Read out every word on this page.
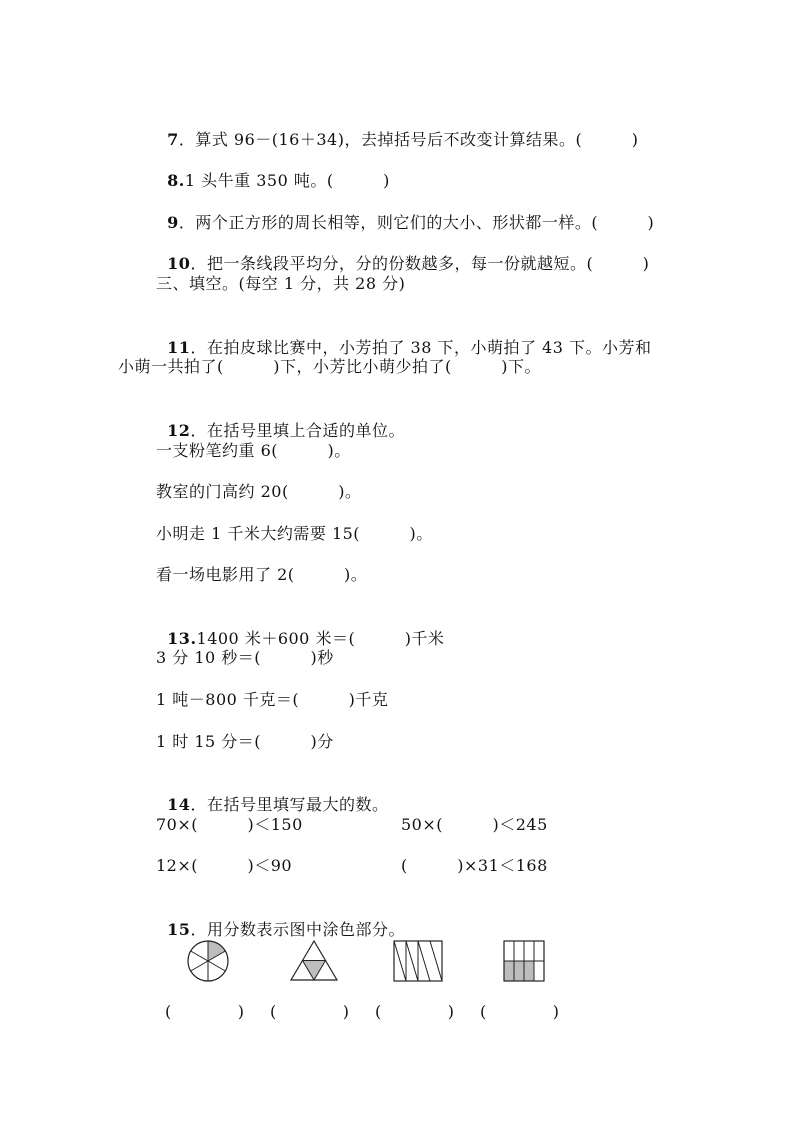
7．算式 96－(16＋34)，去掉括号后不改变计算结果。(　　　)

8.1 头牛重 350 吨。(　　　)

9．两个正方形的周长相等，则它们的大小、形状都一样。(　　　)

10．把一条线段平均分，分的份数越多，每一份就越短。(　　　)

三、填空。(每空 1 分，共 28 分)

11．在拍皮球比赛中，小芳拍了 38 下，小萌拍了 43 下。小芳和

小萌一共拍了(　　　)下，小芳比小萌少拍了(　　　)下。

12．在括号里填上合适的单位。

一支粉笔约重 6(　　　)。
教室的门高约 20(　　　)。
小明走 1 千米大约需要 15(　　　)。
看一场电影用了 2(　　　)。

13.1400 米＋600 米＝(　　　)千米

3 分 10 秒＝(　　　)秒
1 吨－800 千克＝(　　　)千克
1 时 15 分＝(　　　)分

14．在括号里填写最大的数。

70×(　　　)＜150	50×(　　　)＜245
12×(　　　)＜90	(　　　)×31＜168

15．用分数表示图中涂色部分。

(　　　　) (　　　　) (　　　　) (　　　　)
